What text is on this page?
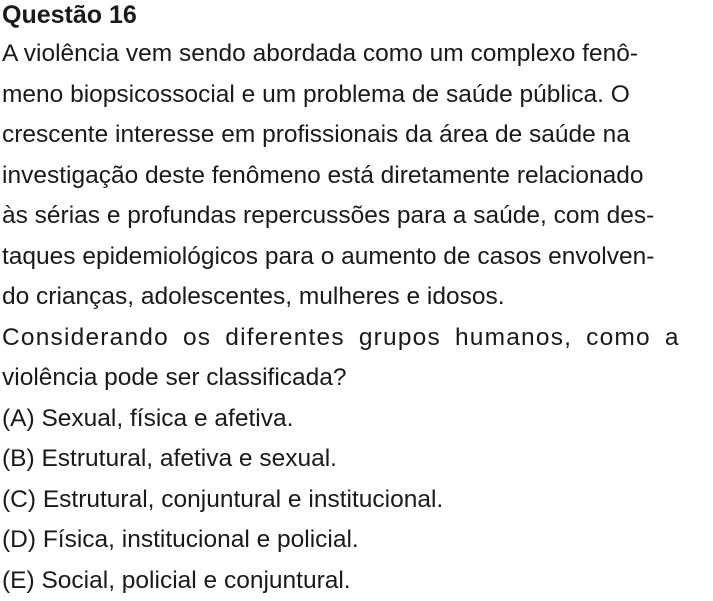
Questão 16

A violência vem sendo abordada como um complexo fenô-

meno biopsicossocial e um problema de saúde pública. O

crescente interesse em profissionais da área de saúde na

investigação deste fenômeno está diretamente relacionado

às sérias e profundas repercussões para a saúde, com des-

taques epidemiológicos para o aumento de casos envolven-

do crianças, adolescentes, mulheres e idosos.

Considerando os diferentes grupos humanos, como a

violência pode ser classificada?

(A) Sexual, física e afetiva.

(B) Estrutural, afetiva e sexual.

(C) Estrutural, conjuntural e institucional.

(D) Física, institucional e policial.

(E) Social, policial e conjuntural.
